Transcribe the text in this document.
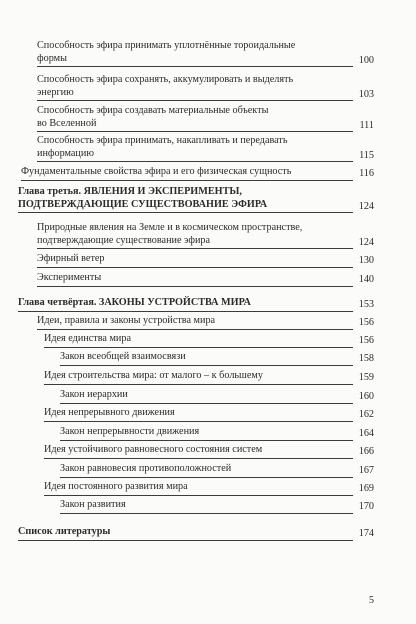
Способность эфира принимать уплотнённые тороидальные
формы	100
Способность эфира сохранять, аккумулировать и выделять
энергию	103
Способность эфира создавать материальные объекты
во Вселенной	111
Способность эфира принимать, накапливать и передавать
информацию	115
Фундаментальные свойства эфира и его физическая сущность	116
Глава третья. ЯВЛЕНИЯ И ЭКСПЕРИМЕНТЫ,
ПОДТВЕРЖДАЮЩИЕ СУЩЕСТВОВАНИЕ ЭФИРА	124
Природные явления на Земле и в космическом пространстве,
подтверждающие существование эфира	124
Эфирный ветер	130
Эксперименты	140
Глава четвёртая. ЗАКОНЫ УСТРОЙСТВА МИРА	153
Идеи, правила и законы устройства мира	156
Идея единства мира	156
Закон всеобщей взаимосвязи	158
Идея строительства мира: от малого – к большему	159
Закон иерархии	160
Идея непрерывного движения	162
Закон непрерывности движения	164
Идея устойчивого равновесного состояния систем	166
Закон равновесия противоположностей	167
Идея постоянного развития мира	169
Закон развития	170
Список литературы	174
5
